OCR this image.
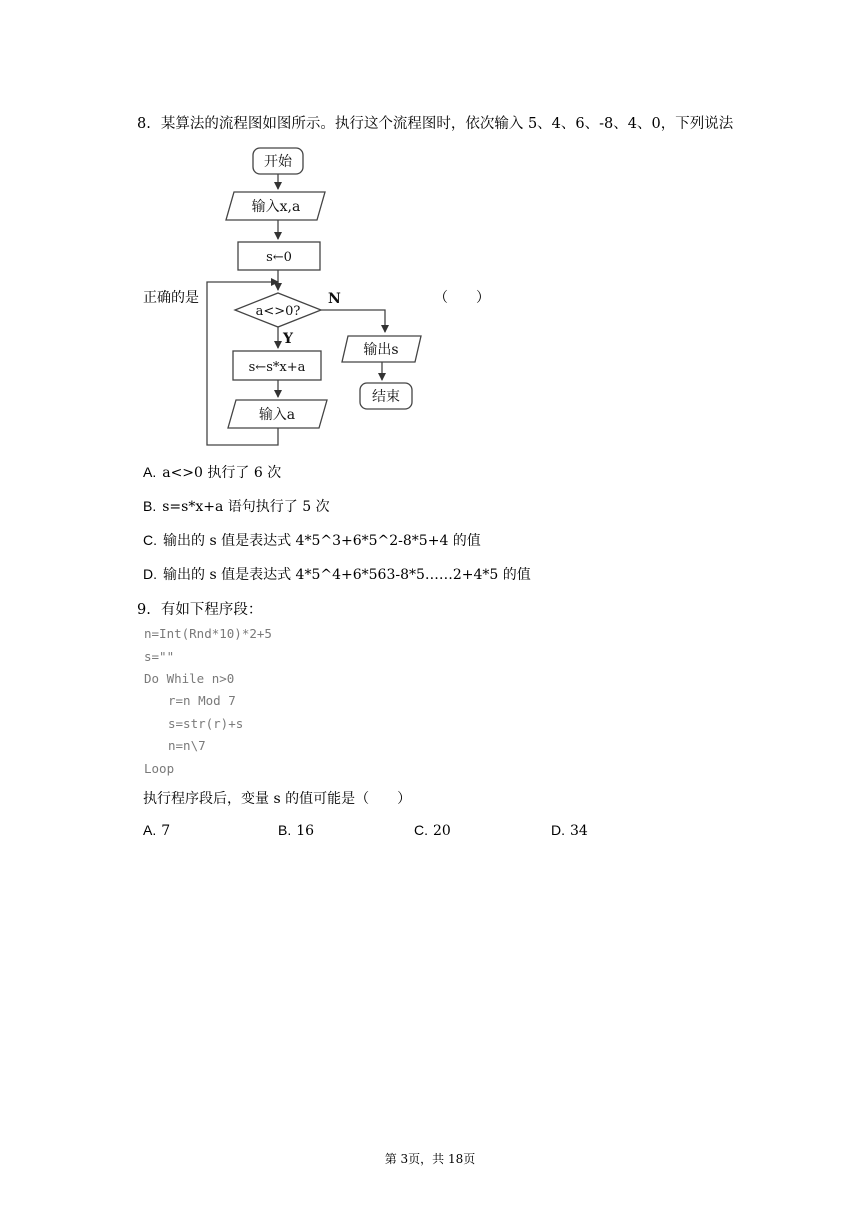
8. 某算法的流程图如图所示。执行这个流程图时，依次输入 5、4、6、-8、4、0，下列说法
正确的是	（　　）
开始
输入x,a
s←0
a<>0?
N
Y
s←s*x+a
输入a
输出s
结束
A. a<>0 执行了 6 次
B. s=s*x+a 语句执行了 5 次
C. 输出的 s 值是表达式 4*5^3+6*5^2-8*5+4 的值
D. 输出的 s 值是表达式 4*5^4+6*563-8*5……2+4*5 的值
9. 有如下程序段：
n=Int(Rnd*10)*2+5
s=""
Do While n>0
r=n Mod 7
s=str(r)+s
n=n\7
Loop
执行程序段后，变量 s 的值可能是（　　）
A. 7	B. 16	C. 20	D. 34
第 3页，共 18页
